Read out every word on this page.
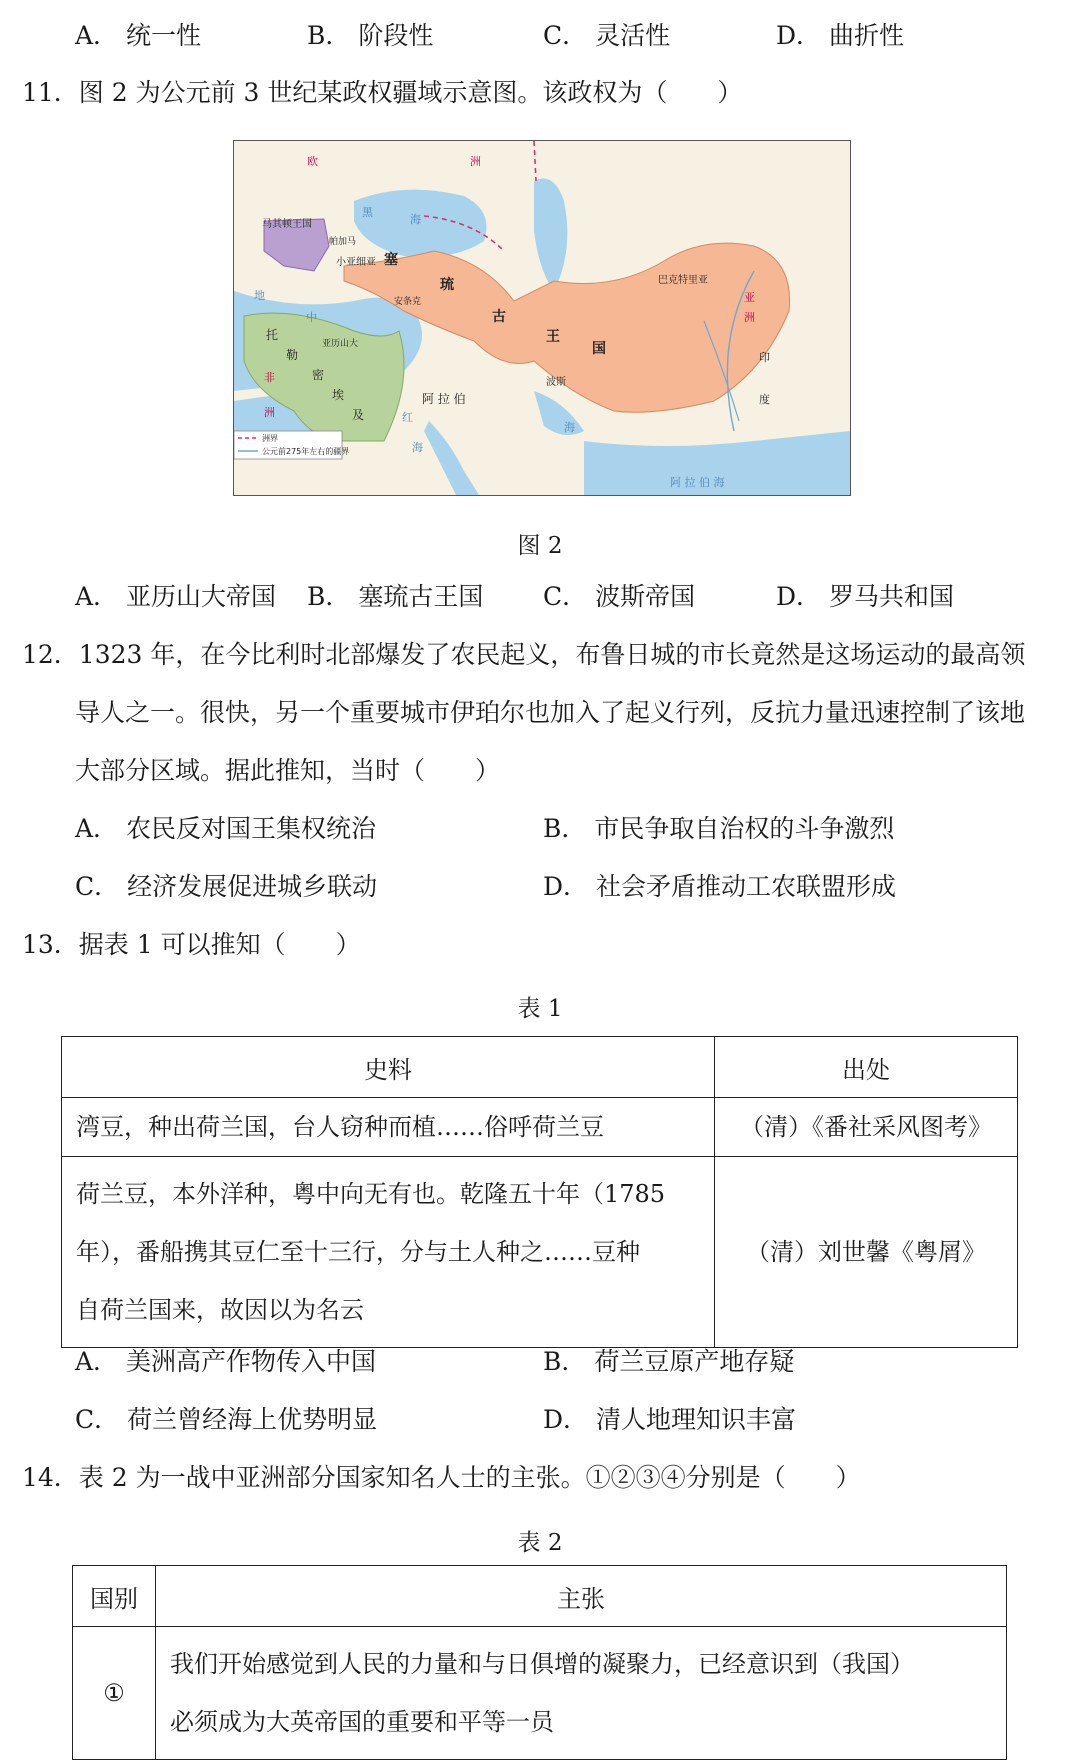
A． 统一性	B． 阶段性	C． 灵活性	D． 曲折性
11．图 2 为公元前 3 世纪某政权疆域示意图。该政权为（　　）
洲界
公元前275年左右的疆界
欧	洲
马其顿王国
黑
海
帕加马
小亚细亚 塞
琉
古
王
国
安条克
巴克特里亚
亚
洲
地
中
托
勒
密
埃
及
亚历山大
非
洲
阿 拉 伯
波斯
印
度
红
海
阿 拉 伯 海
海
图 2
A． 亚历山大帝国 B． 塞琉古王国 C． 波斯帝国	D． 罗马共和国
12．1323 年，在今比利时北部爆发了农民起义，布鲁日城的市长竟然是这场运动的最高领
导人之一。很快，另一个重要城市伊珀尔也加入了起义行列，反抗力量迅速控制了该地
大部分区域。据此推知，当时（　　）
A． 农民反对国王集权统治	B． 市民争取自治权的斗争激烈
C． 经济发展促进城乡联动	D． 社会矛盾推动工农联盟形成
13．据表 1 可以推知（　　）
表 1
史料	出处
湾豆，种出荷兰国，台人窃种而植……俗呼荷兰豆	（清）《番社采风图考》

荷兰豆，本外洋种，粤中向无有也。乾隆五十年（1785
年），番船携其豆仁至十三行，分与土人种之……豆种
自荷兰国来，故因以为名云	（清）刘世馨《粤屑》
A． 美洲高产作物传入中国	B． 荷兰豆原产地存疑
C． 荷兰曾经海上优势明显	D． 清人地理知识丰富
14．表 2 为一战中亚洲部分国家知名人士的主张。①②③④分别是（　　）
表 2
国别	主张
①	我们开始感觉到人民的力量和与日俱增的凝聚力，已经意识到（我国）
必须成为大英帝国的重要和平等一员
